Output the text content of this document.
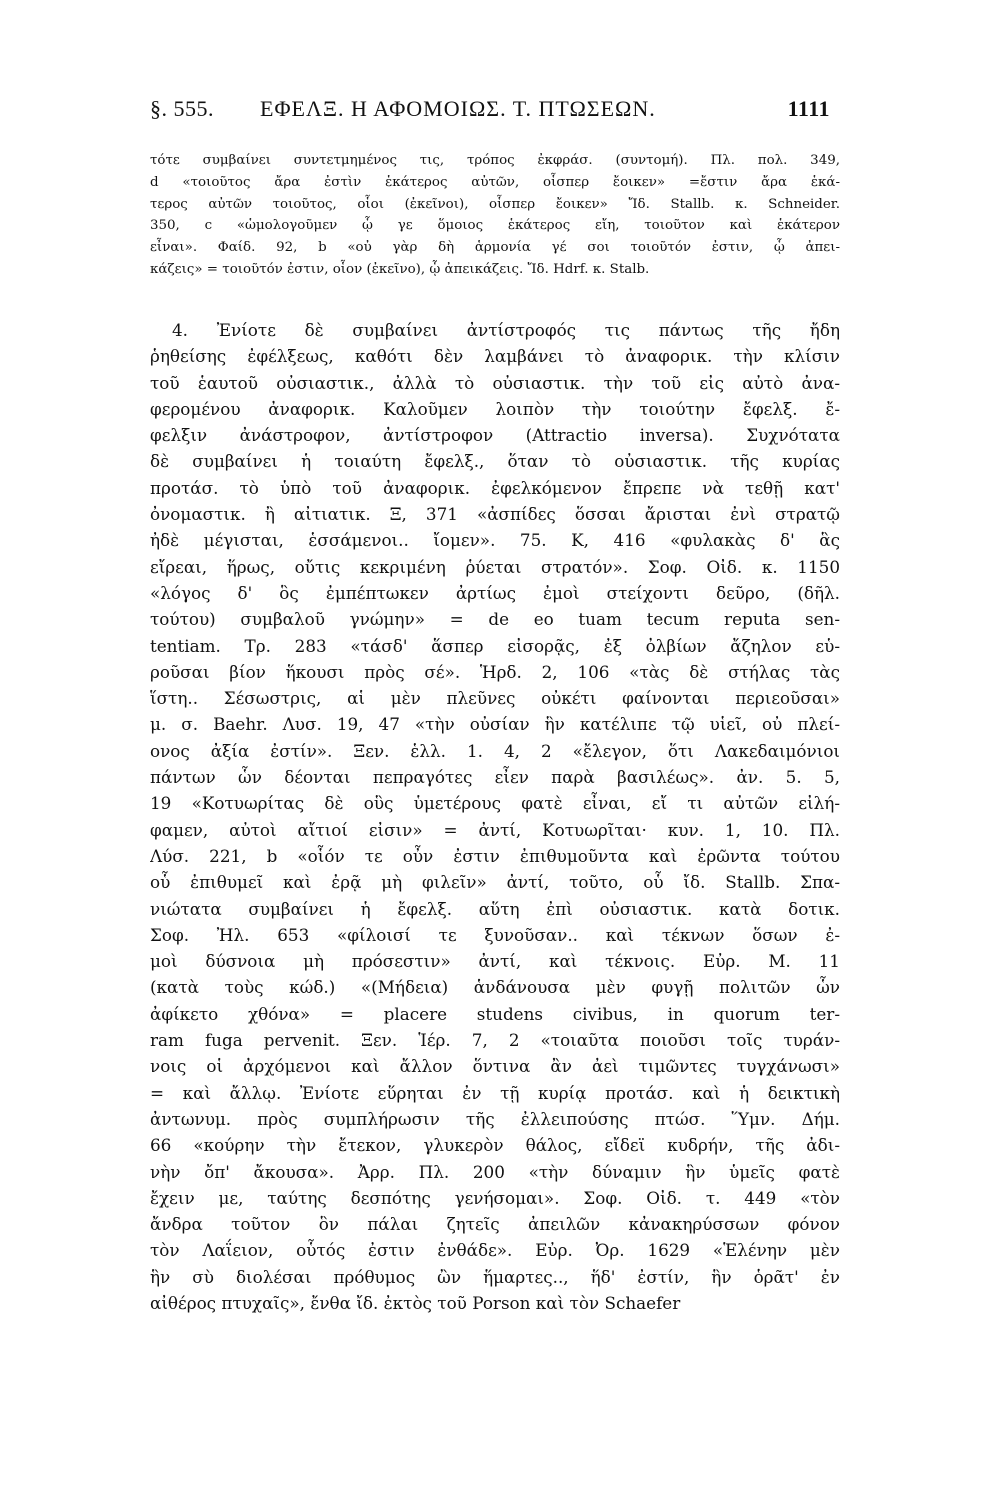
§. 555. ΕΦΕΛΞ. Η ΑΦΟΜΟΙΩΣ. Τ. ΠΤΩΣΕΩΝ.	1111
τότε συμβαίνει συντετμημένος τις, τρόπος ἐκφράσ. (συντομή). Πλ. πολ. 349,
d «τοιοῦτος ἄρα ἐστὶν ἑκάτερος αὐτῶν, οἷσπερ ἔοικεν» =ἔστιν ἄρα ἑκά-
τερος αὐτῶν τοιοῦτος, οἷοι (ἐκεῖνοι), οἷσπερ ἔοικεν» Ἴδ. Stallb. κ. Schneider.
350, c «ὡμολογοῦμεν ᾧ γε ὅμοιος ἑκάτερος εἴη, τοιοῦτον καὶ ἑκάτερον
εἶναι». Φαίδ. 92, b «οὐ γὰρ δὴ ἁρμονία γέ σοι τοιοῦτόν ἐστιν, ᾧ ἀπει-
κάζεις» = τοιοῦτόν ἐστιν, οἷον (ἐκεῖνο), ᾧ ἀπεικάζεις. Ἴδ. Hdrf. κ. Stalb.
4. Ἐνίοτε δὲ συμβαίνει ἀντίστροφός τις πάντως τῆς ἤδη
ῥηθείσης ἐφέλξεως, καθότι δὲν λαμβάνει τὸ ἀναφορικ. τὴν κλίσιν
τοῦ ἑαυτοῦ οὐσιαστικ., ἀλλὰ τὸ οὐσιαστικ. τὴν τοῦ εἰς αὐτὸ ἀνα-
φερομένου ἀναφορικ. Καλοῦμεν λοιπὸν τὴν τοιούτην ἔφελξ. ἔ-
φελξιν ἀνάστροφον, ἀντίστροφον (Attractio inversa). Συχνότατα
δὲ συμβαίνει ἡ τοιαύτη ἔφελξ., ὅταν τὸ οὐσιαστικ. τῆς κυρίας
προτάσ. τὸ ὑπὸ τοῦ ἀναφορικ. ἐφελκόμενον ἔπρεπε νὰ τεθῇ κατ'
ὀνομαστικ. ἢ αἰτιατικ. Ξ, 371 «ἀσπίδες ὅσσαι ἄρισται ἐνὶ στρατῷ
ἠδὲ μέγισται, ἑσσάμενοι.. ἴομεν». 75. Κ, 416 «φυλακὰς δ' ἃς
εἴρεαι, ἥρως, οὔτις κεκριμένη ῥύεται στρατόν». Σοφ. Οἰδ. κ. 1150
«λόγος δ' ὃς ἐμπέπτωκεν ἀρτίως ἐμοὶ στείχοντι δεῦρο, (δῆλ.
τούτου) συμβαλοῦ γνώμην» = de eo tuam tecum reputa sen-
tentiam. Τρ. 283 «τάσδ' ἅσπερ εἰσορᾷς, ἐξ ὀλβίων ἄζηλον εὑ-
ροῦσαι βίον ἥκουσι πρὸς σέ». Ἡρδ. 2, 106 «τὰς δὲ στήλας τὰς
ἵστη.. Σέσωστρις, αἱ μὲν πλεῦνες οὐκέτι φαίνονται περιεοῦσαι»
μ. σ. Baehr. Λυσ. 19, 47 «τὴν οὐσίαν ἣν κατέλιπε τῷ υἱεῖ, οὐ πλεί-
ονος ἀξία ἐστίν». Ξεν. ἑλλ. 1. 4, 2 «ἔλεγον, ὅτι Λακεδαιμόνιοι
πάντων ὧν δέονται πεπραγότες εἶεν παρὰ βασιλέως». ἀν. 5. 5,
19 «Κοτυωρίτας δὲ οὓς ὑμετέρους φατὲ εἶναι, εἴ τι αὐτῶν εἰλή-
φαμεν, αὐτοὶ αἴτιοί εἰσιν» = ἀντί, Κοτυωρῖται· κυν. 1, 10. Πλ.
Λύσ. 221, b «οἷόν τε οὖν ἐστιν ἐπιθυμοῦντα καὶ ἐρῶντα τούτου
οὗ ἐπιθυμεῖ καὶ ἐρᾷ μὴ φιλεῖν» ἀντί, τοῦτο, οὗ ἴδ. Stallb. Σπα-
νιώτατα συμβαίνει ἡ ἔφελξ. αὕτη ἐπὶ οὐσιαστικ. κατὰ δοτικ.
Σοφ. Ἠλ. 653 «φίλοισί τε ξυνοῦσαν.. καὶ τέκνων ὅσων ἐ-
μοὶ δύσνοια μὴ πρόσεστιν» ἀντί, καὶ τέκνοις. Εὐρ. Μ. 11
(κατὰ τοὺς κώδ.) «(Μήδεια) ἁνδάνουσα μὲν φυγῇ πολιτῶν ὧν
ἀφίκετο χθόνα» = placere studens civibus, in quorum ter-
ram fuga pervenit. Ξεν. Ἱέρ. 7, 2 «τοιαῦτα ποιοῦσι τοῖς τυράν-
νοις οἱ ἀρχόμενοι καὶ ἄλλον ὅντινα ἂν ἀεὶ τιμῶντες τυγχάνωσι»
= καὶ ἄλλῳ. Ἐνίοτε εὕρηται ἐν τῇ κυρίᾳ προτάσ. καὶ ἡ δεικτικὴ
ἀντωνυμ. πρὸς συμπλήρωσιν τῆς ἐλλειπούσης πτώσ. Ὕμν. Δήμ.
66 «κούρην τὴν ἔτεκον, γλυκερὸν θάλος, εἴδεϊ κυδρήν, τῆς ἀδι-
νὴν ὄπ' ἄκουσα». Ἀρρ. Πλ. 200 «τὴν δύναμιν ἣν ὑμεῖς φατὲ
ἔχειν με, ταύτης δεσπότης γενήσομαι». Σοφ. Οἰδ. τ. 449 «τὸν
ἄνδρα τοῦτον ὃν πάλαι ζητεῖς ἀπειλῶν κἀνακηρύσσων φόνον
τὸν Λαΐειον, οὗτός ἐστιν ἐνθάδε». Εὐρ. Ὀρ. 1629 «Ἑλένην μὲν
ἣν σὺ διολέσαι πρόθυμος ὢν ἥμαρτες.., ἥδ' ἐστίν, ἣν ὁρᾶτ' ἐν
αἰθέρος πτυχαῖς», ἔνθα ἴδ. ἐκτὸς τοῦ Porson καὶ τὸν Schaefer
